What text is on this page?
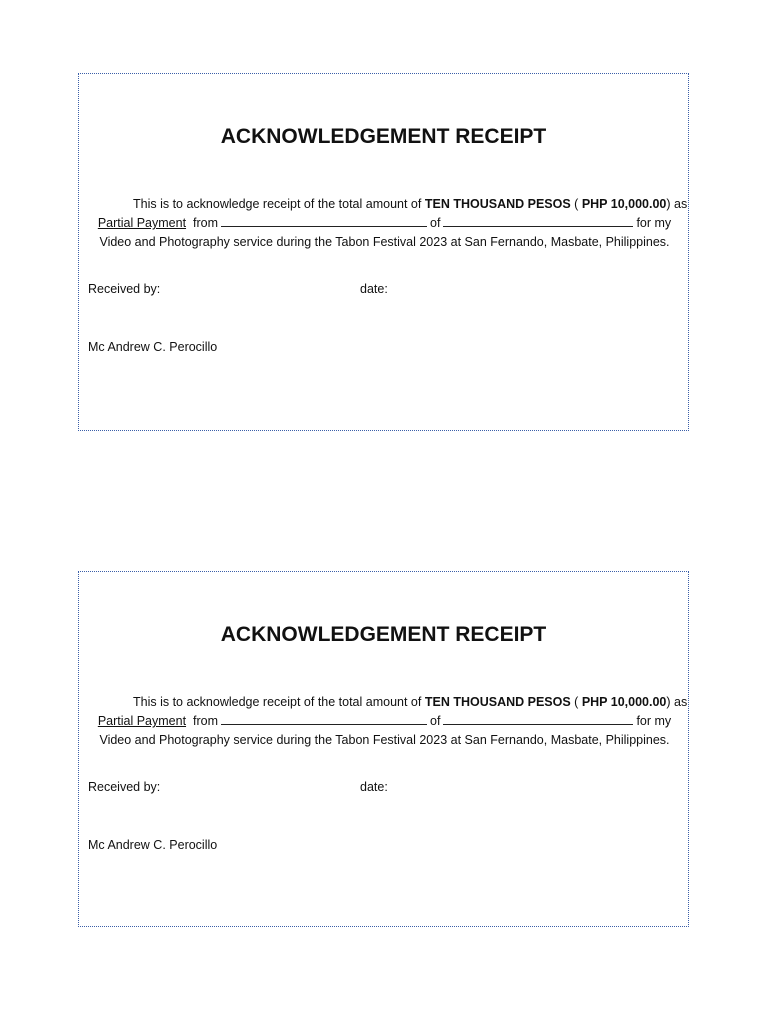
ACKNOWLEDGEMENT RECEIPT
This is to acknowledge receipt of the total amount of TEN THOUSAND PESOS ( PHP 10,000.00) as
Partial Payment from	of	for my
Video and Photography service during the Tabon Festival 2023 at San Fernando, Masbate, Philippines.
Received by:	date:
Mc Andrew C. Perocillo
ACKNOWLEDGEMENT RECEIPT
This is to acknowledge receipt of the total amount of TEN THOUSAND PESOS ( PHP 10,000.00) as
Partial Payment from	of	for my
Video and Photography service during the Tabon Festival 2023 at San Fernando, Masbate, Philippines.
Received by:	date:
Mc Andrew C. Perocillo
